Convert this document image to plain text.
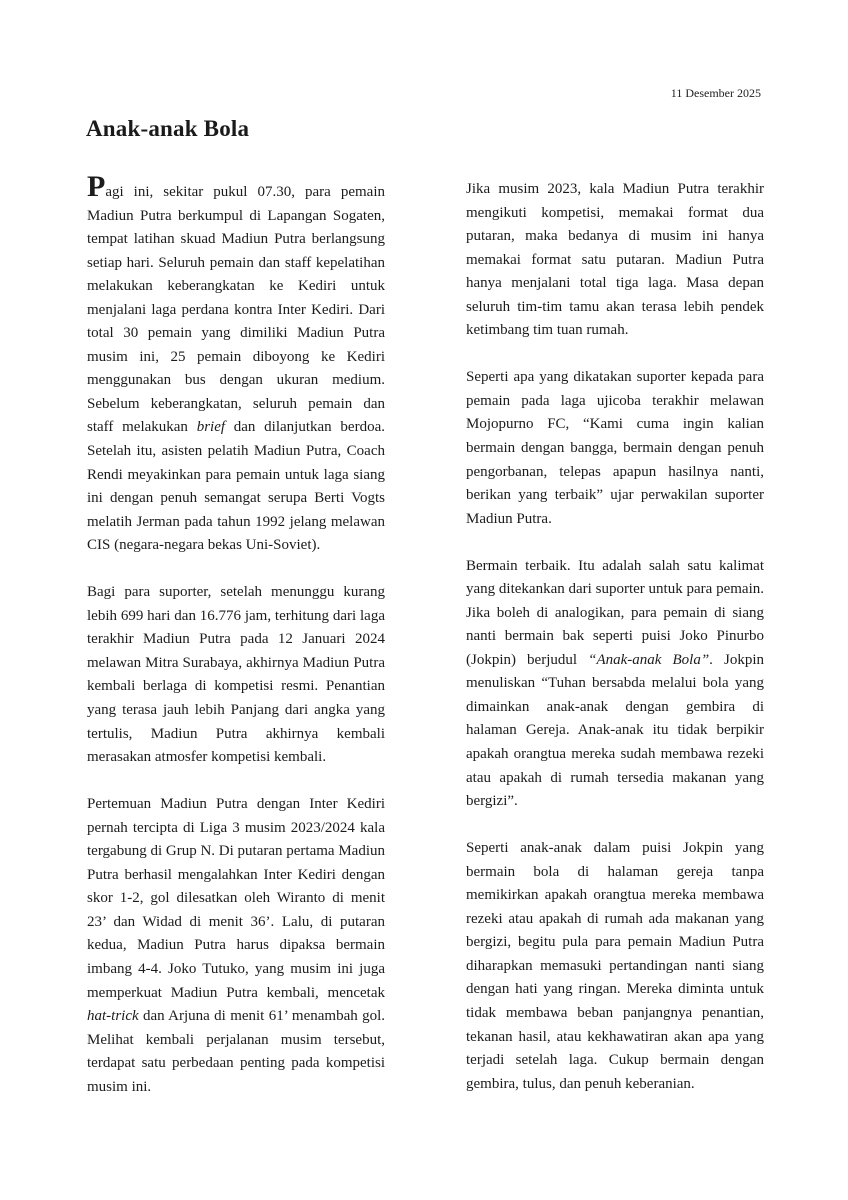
11 Desember 2025
Anak-anak Bola

Pagi ini, sekitar pukul 07.30, para pemain Madiun Putra berkumpul di Lapangan Sogaten, tempat latihan skuad Madiun Putra berlangsung setiap hari. Seluruh pemain dan staff kepelatihan melakukan keberangkatan ke Kediri untuk menjalani laga perdana kontra Inter Kediri. Dari total 30 pemain yang dimiliki Madiun Putra musim ini, 25 pemain diboyong ke Kediri menggunakan bus dengan ukuran medium. Sebelum keberangkatan, seluruh pemain dan staff melakukan brief dan dilanjutkan berdoa. Setelah itu, asisten pelatih Madiun Putra, Coach Rendi meyakinkan para pemain untuk laga siang ini dengan penuh semangat serupa Berti Vogts melatih Jerman pada tahun 1992 jelang melawan CIS (negara-negara bekas Uni-Soviet).

Bagi para suporter, setelah menunggu kurang lebih 699 hari dan 16.776 jam, terhitung dari laga terakhir Madiun Putra pada 12 Januari 2024 melawan Mitra Surabaya, akhirnya Madiun Putra kembali berlaga di kompetisi resmi. Penantian yang terasa jauh lebih Panjang dari angka yang tertulis, Madiun Putra akhirnya kembali merasakan atmosfer kompetisi kembali.

Pertemuan Madiun Putra dengan Inter Kediri pernah tercipta di Liga 3 musim 2023/2024 kala tergabung di Grup N. Di putaran pertama Madiun Putra berhasil mengalahkan Inter Kediri dengan skor 1-2, gol dilesatkan oleh Wiranto di menit 23’ dan Widad di menit 36’. Lalu, di putaran kedua, Madiun Putra harus dipaksa bermain imbang 4-4. Joko Tutuko, yang musim ini juga memperkuat Madiun Putra kembali, mencetak hat-trick dan Arjuna di menit 61’ menambah gol. Melihat kembali perjalanan musim tersebut, terdapat satu perbedaan penting pada kompetisi musim ini.

Jika musim 2023, kala Madiun Putra terakhir mengikuti kompetisi, memakai format dua putaran, maka bedanya di musim ini hanya memakai format satu putaran. Madiun Putra hanya menjalani total tiga laga. Masa depan seluruh tim-tim tamu akan terasa lebih pendek ketimbang tim tuan rumah.

Seperti apa yang dikatakan suporter kepada para pemain pada laga ujicoba terakhir melawan Mojopurno FC, “Kami cuma ingin kalian bermain dengan bangga, bermain dengan penuh pengorbanan, telepas apapun hasilnya nanti, berikan yang terbaik” ujar perwakilan suporter Madiun Putra.

Bermain terbaik. Itu adalah salah satu kalimat yang ditekankan dari suporter untuk para pemain. Jika boleh di analogikan, para pemain di siang nanti bermain bak seperti puisi Joko Pinurbo (Jokpin) berjudul “Anak-anak Bola”. Jokpin menuliskan “Tuhan bersabda melalui bola yang dimainkan anak-anak dengan gembira di halaman Gereja. Anak-anak itu tidak berpikir apakah orangtua mereka sudah membawa rezeki atau apakah di rumah tersedia makanan yang bergizi”.

Seperti anak-anak dalam puisi Jokpin yang bermain bola di halaman gereja tanpa memikirkan apakah orangtua mereka membawa rezeki atau apakah di rumah ada makanan yang bergizi, begitu pula para pemain Madiun Putra diharapkan memasuki pertandingan nanti siang dengan hati yang ringan. Mereka diminta untuk tidak membawa beban panjangnya penantian, tekanan hasil, atau kekhawatiran akan apa yang terjadi setelah laga. Cukup bermain dengan gembira, tulus, dan penuh keberanian.
